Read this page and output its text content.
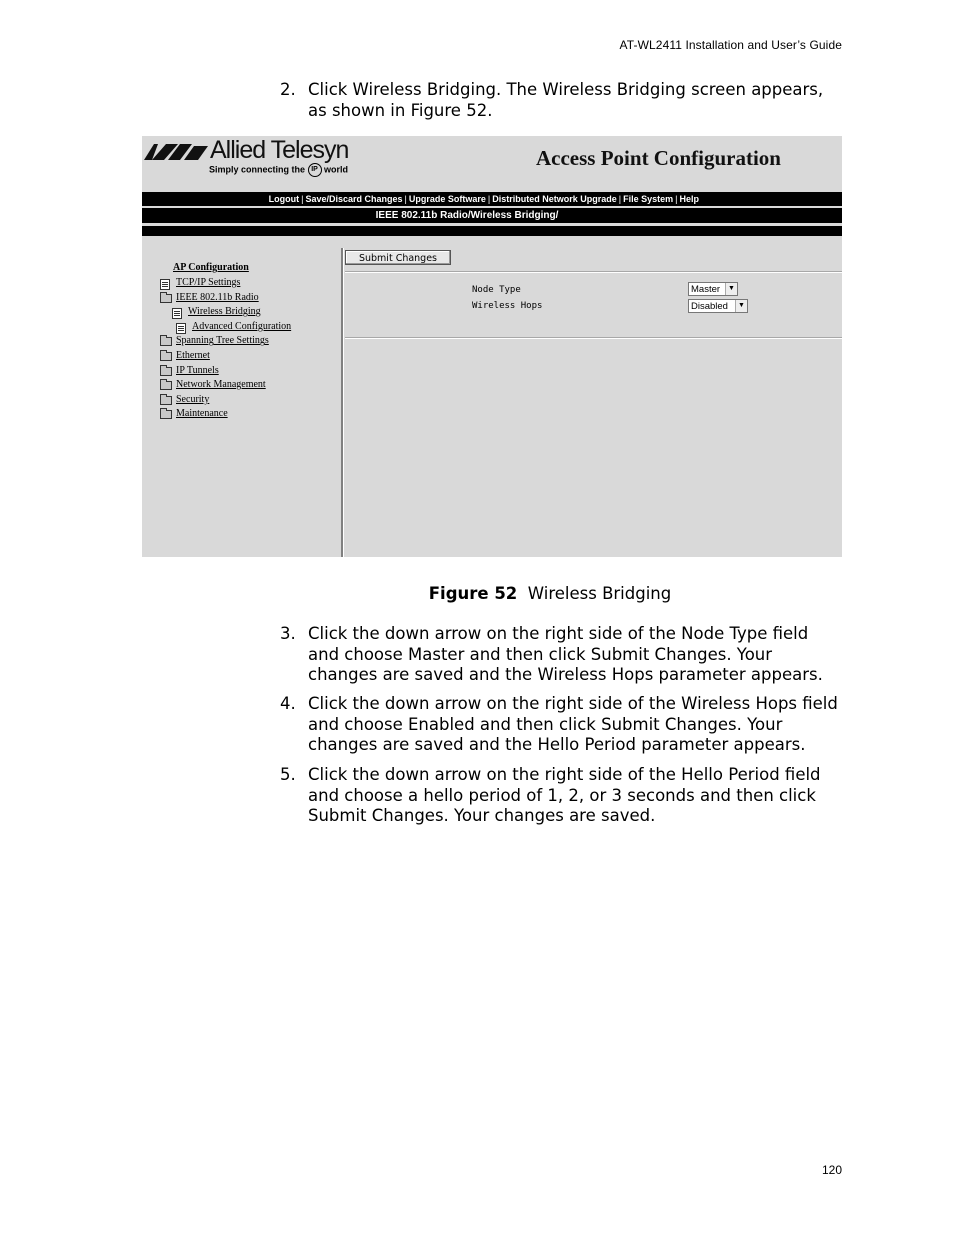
AT-WL2411 Installation and User’s Guide
2. Click Wireless Bridging. The Wireless Bridging screen appears, as shown in Figure 52.
Allied Telesyn
Simply connecting the IP world	Access Point Configuration
Logout | Save/Discard Changes | Upgrade Software | Distributed Network Upgrade | File System | Help
IEEE 802.11b Radio/Wireless Bridging/
AP Configuration
TCP/IP Settings
IEEE 802.11b Radio
Wireless Bridging
Advanced Configuration
Spanning Tree Settings
Ethernet
IP Tunnels
Network Management
Security
Maintenance
Submit Changes
Node Type	Master	▼
Wireless Hops	Disabled	▼
Figure 52 Wireless Bridging
3. Click the down arrow on the right side of the Node Type field and choose Master and then click Submit Changes. Your changes are saved and the Wireless Hops parameter appears.
4. Click the down arrow on the right side of the Wireless Hops field and choose Enabled and then click Submit Changes. Your changes are saved and the Hello Period parameter appears.
5. Click the down arrow on the right side of the Hello Period field and choose a hello period of 1, 2, or 3 seconds and then click Submit Changes. Your changes are saved.
120
